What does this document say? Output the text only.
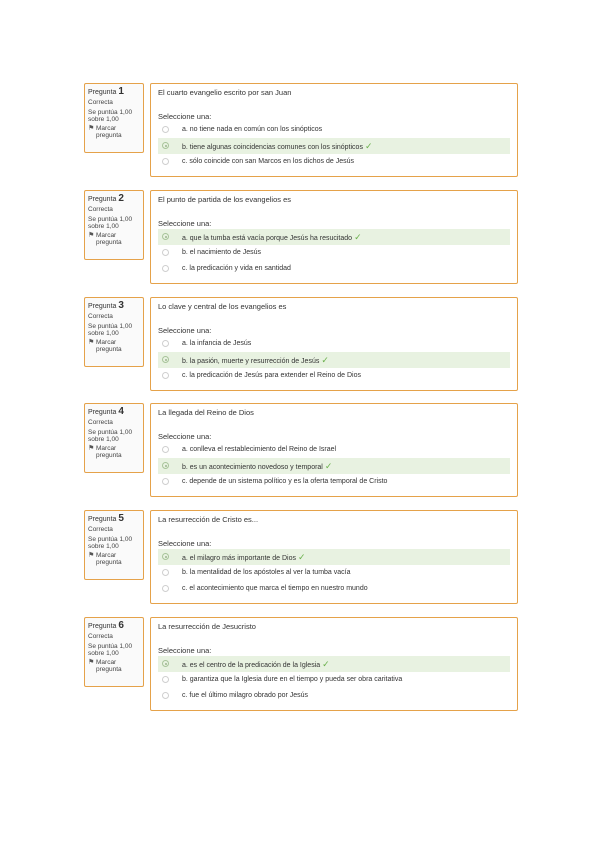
Pregunta 1
Correcta
Se puntúa 1,00 sobre 1,00
⚑ Marcar pregunta
El cuarto evangelio escrito por san Juan
Seleccione una:
a. no tiene nada en común con los sinópticos
b. tiene algunas coincidencias comunes con los sinópticos ✓
c. sólo coincide con san Marcos en los dichos de Jesús
Pregunta 2
Correcta
Se puntúa 1,00 sobre 1,00
⚑ Marcar pregunta
El punto de partida de los evangelios es
Seleccione una:
a. que la tumba está vacía porque Jesús ha resucitado ✓
b. el nacimiento de Jesús
c. la predicación y vida en santidad
Pregunta 3
Correcta
Se puntúa 1,00 sobre 1,00
⚑ Marcar pregunta
Lo clave y central de los evangelios es
Seleccione una:
a. la infancia de Jesús
b. la pasión, muerte y resurrección de Jesús ✓
c. la predicación de Jesús para extender el Reino de Dios
Pregunta 4
Correcta
Se puntúa 1,00 sobre 1,00
⚑ Marcar pregunta
La llegada del Reino de Dios
Seleccione una:
a. conlleva el restablecimiento del Reino de Israel
b. es un acontecimiento novedoso y temporal ✓
c. depende de un sistema político y es la oferta temporal de Cristo
Pregunta 5
Correcta
Se puntúa 1,00 sobre 1,00
⚑ Marcar pregunta
La resurrección de Cristo es...
Seleccione una:
a. el milagro más importante de Dios ✓
b. la mentalidad de los apóstoles al ver la tumba vacía
c. el acontecimiento que marca el tiempo en nuestro mundo
Pregunta 6
Correcta
Se puntúa 1,00 sobre 1,00
⚑ Marcar pregunta
La resurrección de Jesucristo
Seleccione una:
a. es el centro de la predicación de la Iglesia ✓
b. garantiza que la Iglesia dure en el tiempo y pueda ser obra caritativa
c. fue el último milagro obrado por Jesús
